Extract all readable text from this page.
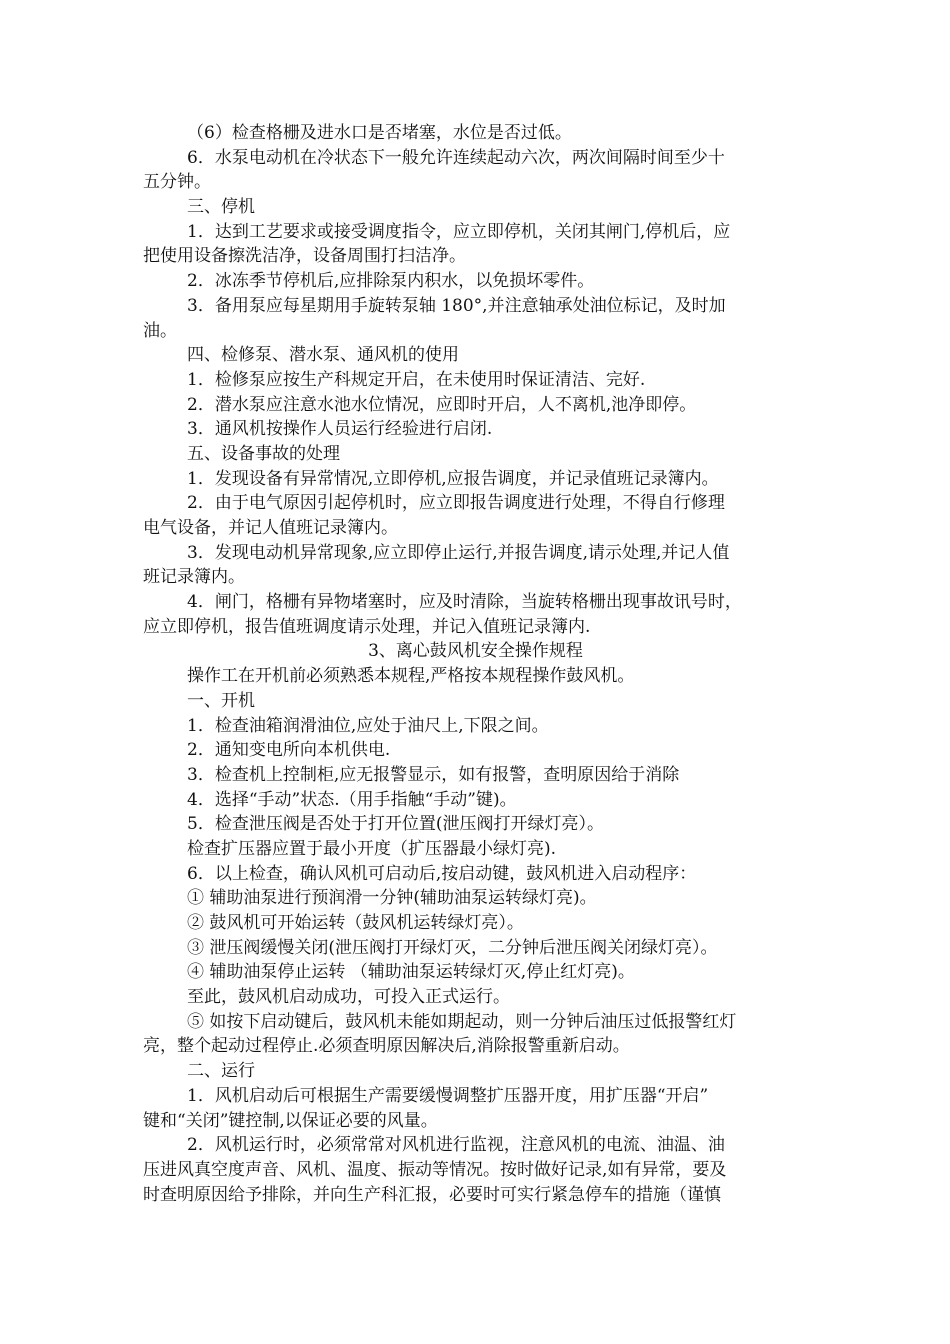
（6）检查格栅及进水口是否堵塞，水位是否过低。
6．水泵电动机在冷状态下一般允许连续起动六次，两次间隔时间至少十
五分钟。
三、停机
1．达到工艺要求或接受调度指令，应立即停机，关闭其闸门,停机后，应
把使用设备擦洗洁净，设备周围打扫洁净。
2．冰冻季节停机后,应排除泵内积水，以免损坏零件。
3．备用泵应每星期用手旋转泵轴 180°,并注意轴承处油位标记，及时加
油。
四、检修泵、潜水泵、通风机的使用
1．检修泵应按生产科规定开启，在未使用时保证清洁、完好.
2．潜水泵应注意水池水位情况，应即时开启，人不离机,池净即停。
3．通风机按操作人员运行经验进行启闭.
五、设备事故的处理
1．发现设备有异常情况,立即停机,应报告调度，并记录值班记录簿内。
2．由于电气原因引起停机时，应立即报告调度进行处理，不得自行修理
电气设备，并记人值班记录簿内。
3．发现电动机异常现象,应立即停止运行,并报告调度,请示处理,并记人值
班记录簿内。
4．闸门，格栅有异物堵塞时，应及时清除，当旋转格栅出现事故讯号时，
应立即停机，报告值班调度请示处理，并记入值班记录簿内.
3、离心鼓风机安全操作规程
操作工在开机前必须熟悉本规程,严格按本规程操作鼓风机。
一、开机
1．检查油箱润滑油位,应处于油尺上,下限之间。
2．通知变电所向本机供电.
3．检查机上控制柜,应无报警显示，如有报警，查明原因给于消除
4．选择“手动”状态.（用手指触“手动”键)。
5．检查泄压阀是否处于打开位置(泄压阀打开绿灯亮）。
检查扩压器应置于最小开度（扩压器最小绿灯亮).
6．以上检查，确认风机可启动后,按启动键，鼓风机进入启动程序：
① 辅助油泵进行预润滑一分钟(辅助油泵运转绿灯亮)。
② 鼓风机可开始运转（鼓风机运转绿灯亮）。
③ 泄压阀缓慢关闭(泄压阀打开绿灯灭，二分钟后泄压阀关闭绿灯亮）。
④ 辅助油泵停止运转 （辅助油泵运转绿灯灭,停止红灯亮)。
至此，鼓风机启动成功，可投入正式运行。
⑤ 如按下启动键后，鼓风机未能如期起动，则一分钟后油压过低报警红灯
亮，整个起动过程停止.必须查明原因解决后,消除报警重新启动。
二、运行
1．风机启动后可根据生产需要缓慢调整扩压器开度，用扩压器“开启”
键和“关闭”键控制,以保证必要的风量。
2．风机运行时，必须常常对风机进行监视，注意风机的电流、油温、油
压进风真空度声音、风机、温度、振动等情况。按时做好记录,如有异常，要及
时查明原因给予排除，并向生产科汇报，必要时可实行紧急停车的措施（谨慎
